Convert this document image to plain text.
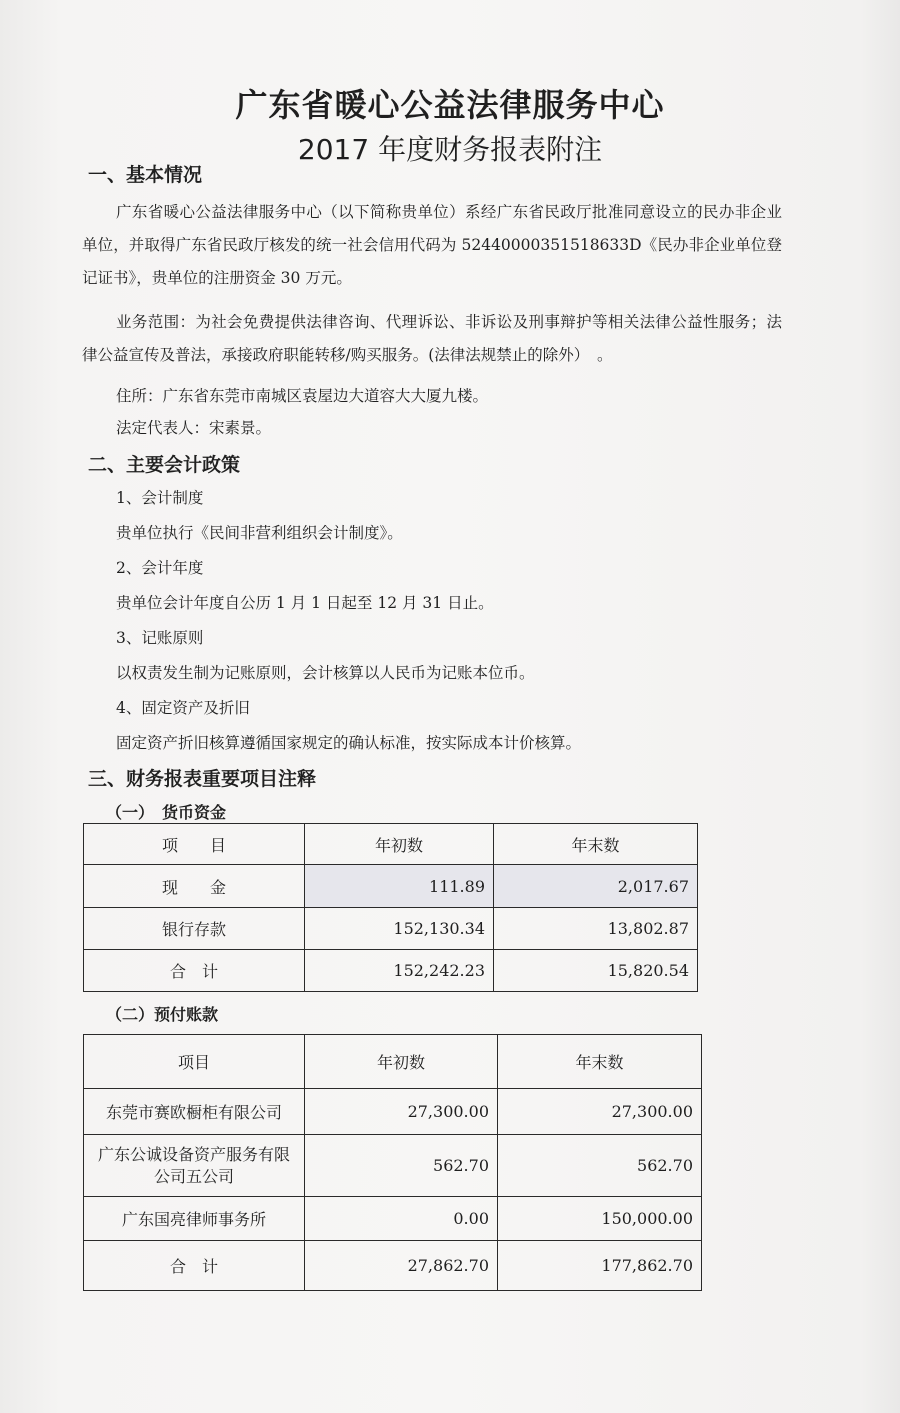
广东省暖心公益法律服务中心
2017 年度财务报表附注
一、基本情况
广东省暖心公益法律服务中心（以下简称贵单位）系经广东省民政厅批准同意设立的民办非企业单位，并取得广东省民政厅核发的统一社会信用代码为 52440000351518633D《民办非企业单位登记证书》，贵单位的注册资金 30 万元。
业务范围：为社会免费提供法律咨询、代理诉讼、非诉讼及刑事辩护等相关法律公益性服务；法律公益宣传及普法，承接政府职能转移/购买服务。(法律法规禁止的除外）　。
住所：广东省东莞市南城区袁屋边大道容大大厦九楼。
法定代表人：宋素景。
二、主要会计政策
1、会计制度
贵单位执行《民间非营利组织会计制度》。
2、会计年度
贵单位会计年度自公历 1 月 1 日起至 12 月 31 日止。
3、记账原则
以权责发生制为记账原则，会计核算以人民币为记账本位币。
4、固定资产及折旧
固定资产折旧核算遵循国家规定的确认标准，按实际成本计价核算。
三、财务报表重要项目注释
（一）　货币资金
项　　目	年初数	年末数
现　　金	111.89	2,017.67
银行存款	152,130.34	13,802.87
合　计	152,242.23	15,820.54
（二）预付账款
项目	年初数	年末数
东莞市赛欧橱柜有限公司	27,300.00	27,300.00
广东公诚设备资产服务有限公司五公司	562.70	562.70
广东国亮律师事务所	0.00	150,000.00
合　计	27,862.70	177,862.70
